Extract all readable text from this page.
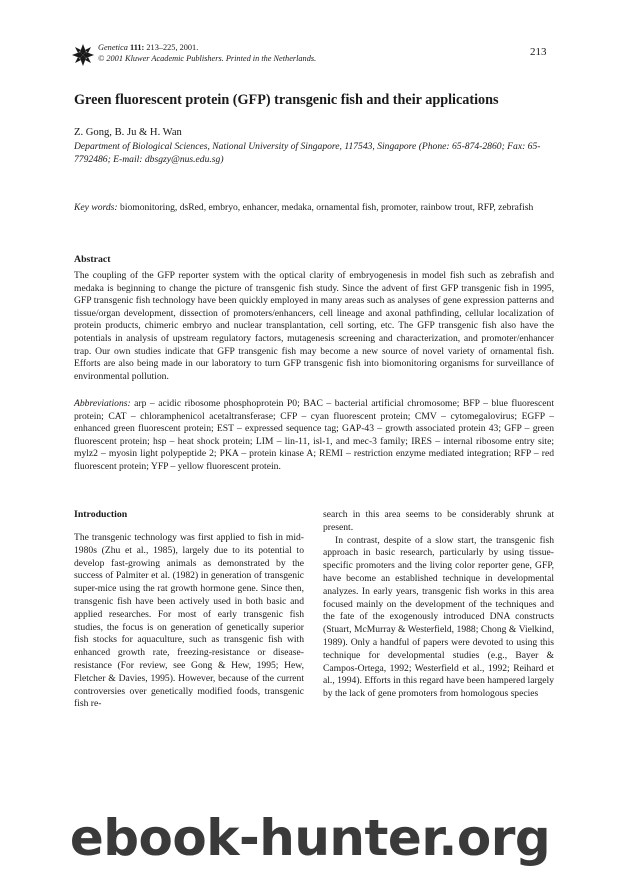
Genetica 111: 213–225, 2001.
© 2001 Kluwer Academic Publishers. Printed in the Netherlands.
213
Green fluorescent protein (GFP) transgenic fish and their applications
Z. Gong, B. Ju & H. Wan
Department of Biological Sciences, National University of Singapore, 117543, Singapore (Phone: 65-874-2860; Fax: 65-7792486; E-mail: dbsgzy@nus.edu.sg)
Key words: biomonitoring, dsRed, embryo, enhancer, medaka, ornamental fish, promoter, rainbow trout, RFP, zebrafish
Abstract
The coupling of the GFP reporter system with the optical clarity of embryogenesis in model fish such as zebrafish and medaka is beginning to change the picture of transgenic fish study. Since the advent of first GFP transgenic fish in 1995, GFP transgenic fish technology have been quickly employed in many areas such as analyses of gene expression patterns and tissue/organ development, dissection of promoters/enhancers, cell lineage and axonal pathfinding, cellular localization of protein products, chimeric embryo and nuclear transplantation, cell sorting, etc. The GFP transgenic fish also have the potentials in analysis of upstream regulatory factors, mutagenesis screening and characterization, and promoter/enhancer trap. Our own studies indicate that GFP transgenic fish may become a new source of novel variety of ornamental fish. Efforts are also being made in our laboratory to turn GFP transgenic fish into biomonitoring organisms for surveillance of environmental pollution.
Abbreviations: arp – acidic ribosome phosphoprotein P0; BAC – bacterial artificial chromosome; BFP – blue fluorescent protein; CAT – chloramphenicol acetaltransferase; CFP – cyan fluorescent protein; CMV – cytomegalovirus; EGFP – enhanced green fluorescent protein; EST – expressed sequence tag; GAP-43 – growth associated protein 43; GFP – green fluorescent protein; hsp – heat shock protein; LIM – lin-11, isl-1, and mec-3 family; IRES – internal ribosome entry site; mylz2 – myosin light polypeptide 2; PKA – protein kinase A; REMI – restriction enzyme mediated integration; RFP – red fluorescent protein; YFP – yellow fluorescent protein.
Introduction
The transgenic technology was first applied to fish in mid-1980s (Zhu et al., 1985), largely due to its potential to develop fast-growing animals as demonstrated by the success of Palmiter et al. (1982) in generation of transgenic super-mice using the rat growth hormone gene. Since then, transgenic fish have been actively used in both basic and applied researches. For most of early transgenic fish studies, the focus is on generation of genetically superior fish stocks for aquaculture, such as transgenic fish with enhanced growth rate, freezing-resistance or disease-resistance (For review, see Gong & Hew, 1995; Hew, Fletcher & Davies, 1995). However, because of the current controversies over genetically modified foods, transgenic fish re-

search in this area seems to be considerably shrunk at present.

In contrast, despite of a slow start, the transgenic fish approach in basic research, particularly by using tissue-specific promoters and the living color reporter gene, GFP, have become an established technique in developmental analyzes. In early years, transgenic fish works in this area focused mainly on the development of the techniques and the fate of the exogenously introduced DNA constructs (Stuart, McMurray & Westerfield, 1988; Chong & Vielkind, 1989). Only a handful of papers were devoted to using this technique for developmental studies (e.g., Bayer & Campos-Ortega, 1992; Westerfield et al., 1992; Reihard et al., 1994). Efforts in this regard have been hampered largely by the lack of gene promoters from homologous species

ebook-hunter.org
